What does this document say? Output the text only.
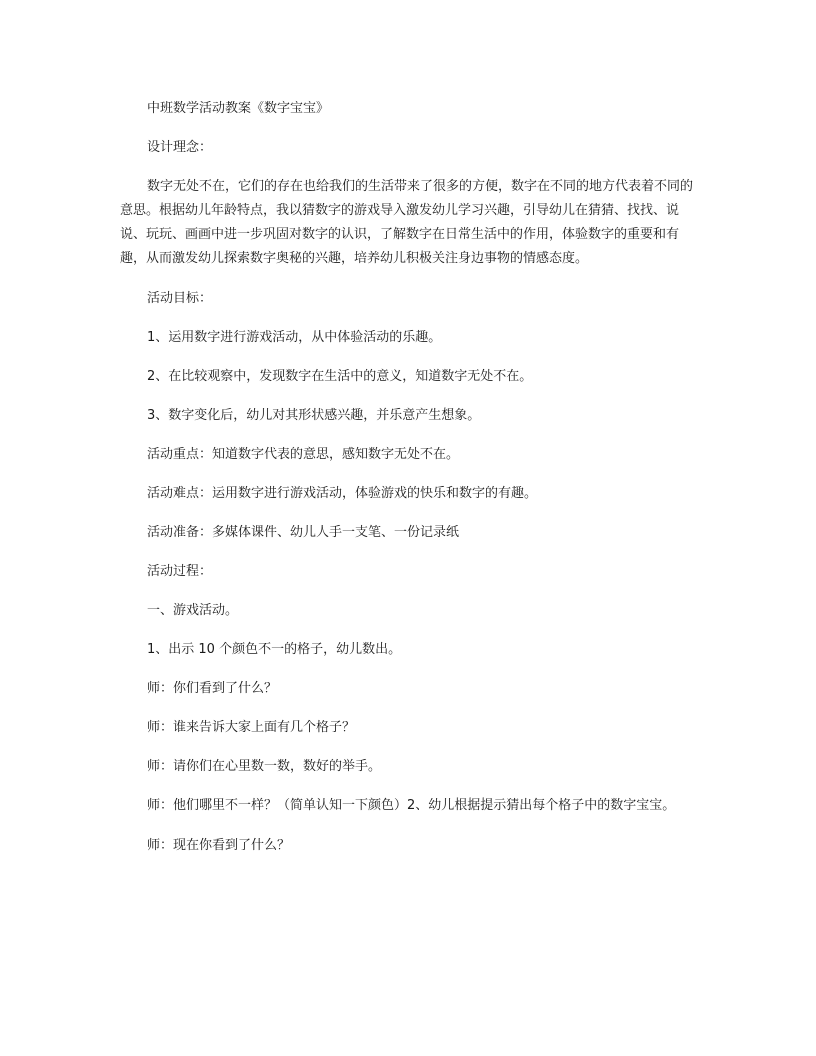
中班数学活动教案《数字宝宝》

设计理念：

数字无处不在，它们的存在也给我们的生活带来了很多的方便，数字在不同的地方代表着不同的意思。根据幼儿年龄特点，我以猜数字的游戏导入激发幼儿学习兴趣，引导幼儿在猜猜、找找、说说、玩玩、画画中进一步巩固对数字的认识，了解数字在日常生活中的作用，体验数字的重要和有趣，从而激发幼儿探索数字奥秘的兴趣，培养幼儿积极关注身边事物的情感态度。

活动目标：

1、运用数字进行游戏活动，从中体验活动的乐趣。

2、在比较观察中，发现数字在生活中的意义，知道数字无处不在。

3、数字变化后，幼儿对其形状感兴趣，并乐意产生想象。

活动重点：知道数字代表的意思，感知数字无处不在。

活动难点：运用数字进行游戏活动，体验游戏的快乐和数字的有趣。

活动准备：多媒体课件、幼儿人手一支笔、一份记录纸

活动过程：

一、游戏活动。

1、出示 10 个颜色不一的格子，幼儿数出。

师：你们看到了什么？

师：谁来告诉大家上面有几个格子？

师：请你们在心里数一数，数好的举手。

师：他们哪里不一样？（简单认知一下颜色）2、幼儿根据提示猜出每个格子中的数字宝宝。

师：现在你看到了什么？
